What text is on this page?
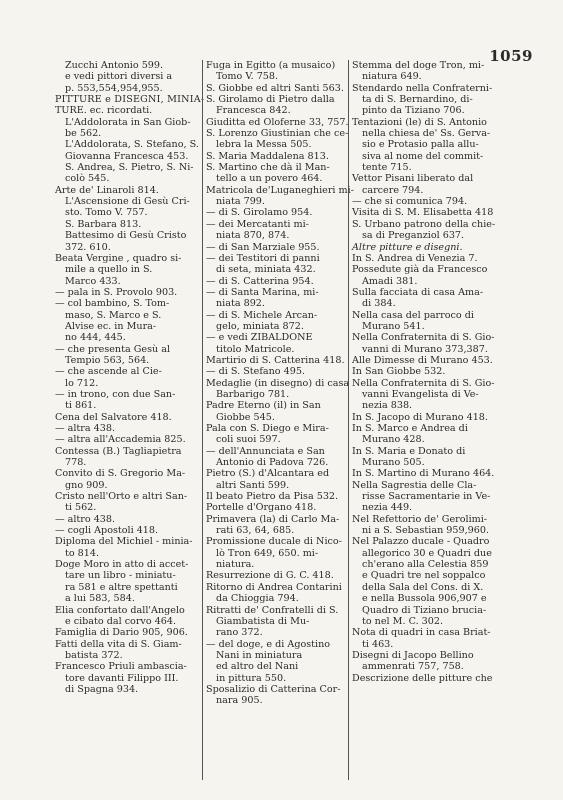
1059
Zucchi Antonio 599.
e vedi pittori diversi a
p. 553,554,954,955.
PITTURE e DISEGNI, MINIA-
TURE. ec. ricordati.
L'Addolorata in San Giob-
be 562.
L'Addolorata, S. Stefano, S.
Giovanna Francesca 453.
S. Andrea, S. Pietro, S. Ni-
colò 545.
Arte de' Linaroli 814.
L'Ascensione di Gesù Cri-
sto. Tomo V. 757.
S. Barbara 813.
Battesimo di Gesù Cristo
372. 610.
Beata Vergine , quadro si-
mile a quello in S.
Marco 433.
— pala in S. Provolo 903.
— col bambino, S. Tom-
maso, S. Marco e S.
Alvise ec. in Mura-
no 444, 445.
— che presenta Gesù al
Tempio 563, 564.
— che ascende al Cie-
lo 712.
— in trono, con due San-
ti 861.
Cena del Salvatore 418.
— altra 438.
— altra all'Accademia 825.
Contessa (B.) Tagliapietra
778.
Convito di S. Gregorio Ma-
gno 909.
Cristo nell'Orto e altri San-
ti 562.
— altro 438.
— cogli Apostoli 418.
Diploma del Michiel - minia-
to 814.
Doge Moro in atto di accet-
tare un libro - miniatu-
ra 581 e altre spettanti
a lui 583, 584.
Elia confortato dall'Angelo
e cibato dal corvo 464.
Famiglia di Dario 905, 906.
Fatti della vita di S. Giam-
batista 372.
Francesco Priuli ambascia-
tore davanti Filippo III.
di Spagna 934.
Fuga in Egitto (a musaico)
Tomo V. 758.
S. Giobbe ed altri Santi 563.
S. Girolamo di Pietro dalla
Francesca 842.
Giuditta ed Oloferne 33, 757.
S. Lorenzo Giustinian che ce-
lebra la Messa 505.
S. Maria Maddalena 813.
S. Martino che dà il Man-
tello a un povero 464.
Matricola de'Luganeghieri mi-
niata 799.
— di S. Girolamo 954.
— dei Mercatanti mi-
niata 870, 874.
— di San Marziale 955.
— dei Testitori di panni
di seta, miniata 432.
— di S. Catterina 954.
— di Santa Marina, mi-
niata 892.
— di S. Michele Arcan-
gelo, miniata 872.
— e vedi ZIBALDONE
titolo Matricole.
Martirio di S. Catterina 418.
— di S. Stefano 495.
Medaglie (in disegno) di casa
Barbarigo 781.
Padre Eterno (il) in San
Giobbe 545.
Pala con S. Diego e Mira-
coli suoi 597.
— dell'Annunciata e San
Antonio di Padova 726.
Pietro (S.) d'Alcantara ed
altri Santi 599.
Il beato Pietro da Pisa 532.
Portelle d'Organo 418.
Primavera (la) di Carlo Ma-
rati 63, 64, 685.
Promissione ducale di Nico-
lò Tron 649, 650. mi-
niatura.
Resurrezione di G. C. 418.
Ritorno di Andrea Contarini
da Chioggia 794.
Ritratti de' Confratelli di S.
Giambatista di Mu-
rano 372.
— del doge, e di Agostino
Nani in miniatura
ed altro del Nani
in pittura 550.
Sposalizio di Catterina Cor-
nara 905.
Stemma del doge Tron, mi-
niatura 649.
Stendardo nella Confraterni-
ta di S. Bernardino, di-
pinto da Tiziano 706.
Tentazioni (le) di S. Antonio
nella chiesa de' Ss. Gerva-
sio e Protasio palla allu-
siva al nome del commit-
tente 715.
Vettor Pisani liberato dal
carcere 794.
— che si comunica 794.
Visita di S. M. Elisabetta 418
S. Urbano patrono della chie-
sa di Preganziol 637.
Altre pitture e disegni.
In S. Andrea di Venezia 7.
Possedute già da Francesco
Amadi 381.
Sulla facciata di casa Ama-
di 384.
Nella casa del parroco di
Murano 541.
Nella Confraternita di S. Gio-
vanni di Murano 373,387.
Alle Dimesse di Murano 453.
In San Giobbe 532.
Nella Confraternita di S. Gio-
vanni Evangelista di Ve-
nezia 838.
In S. Jacopo di Murano 418.
In S. Marco e Andrea di
Murano 428.
In S. Maria e Donato di
Murano 505.
In S. Martino di Murano 464.
Nella Sagrestia delle Cla-
risse Sacramentarie in Ve-
nezia 449.
Nel Refettorio de' Gerolimi-
ni a S. Sebastian 959,960.
Nel Palazzo ducale - Quadro
allegorico 30 e Quadri due
ch'erano alla Celestia 859
e Quadri tre nel soppalco
della Sala del Cons. di X.
e nella Bussola 906,907 e
Quadro di Tiziano brucia-
to nel M. C. 302.
Nota di quadri in casa Briat-
ti 463.
Disegni di Jacopo Bellino
ammenrati 757, 758.
Descrizione delle pitture che
